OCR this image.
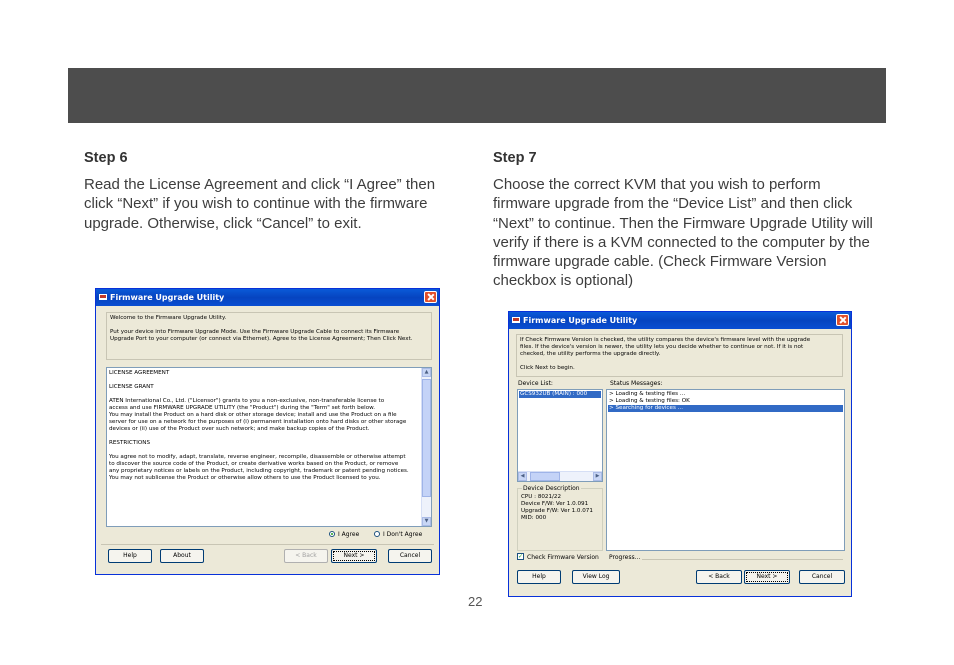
Step 6
Read the License Agreement and click “I Agree” then click “Next” if you wish to continue with the firmware upgrade. Otherwise, click “Cancel” to exit.
Step 7
Choose the correct KVM that you wish to perform firmware upgrade from the “Device List” and then click “Next” to continue. Then the Firmware Upgrade Utility will verify if there is a KVM connected to the computer by the firmware upgrade cable. (Check Firmware Version checkbox is optional)
Firmware Upgrade Utility
Welcome to the Firmware Upgrade Utility.

Put your device into Firmware Upgrade Mode. Use the Firmware Upgrade Cable to connect its Firmware
Upgrade Port to your computer (or connect via Ethernet). Agree to the License Agreement; Then Click Next.
LICENSE AGREEMENT

LICENSE GRANT

ATEN International Co., Ltd. ("Licensor") grants to you a non-exclusive, non-transferable license to
access and use FIRMWARE UPGRADE UTILITY (the "Product") during the "Term" set forth below.
You may install the Product on a hard disk or other storage device; install and use the Product on a file
server for use on a network for the purposes of (i) permanent installation onto hard disks or other storage
devices or (ii) use of the Product over such network; and make backup copies of the Product.

RESTRICTIONS

You agree not to modify, adapt, translate, reverse engineer, recompile, disassemble or otherwise attempt
to discover the source code of the Product, or create derivative works based on the Product, or remove
any proprietary notices or labels on the Product, including copyright, trademark or patent pending notices.
You may not sublicense the Product or otherwise allow others to use the Product licensed to you.
▲
▼
I Agree	I Don't Agree
Help	About	< Back	Next >	Cancel
Firmware Upgrade Utility
If Check Firmware Version is checked, the utility compares the device's firmware level with the upgrade
files. If the device's version is newer, the utility lets you decide whether to continue or not. If it is not
checked, the utility performs the upgrade directly.

Click Next to begin.
Device List:
GCS932UB (MAIN) : 000
◀	▶
Status Messages:
> Loading & testing files ...
> Loading & testing files: OK
> Searching for devices ...
Device Description
CPU : 8021/22
Device F/W: Ver 1.0.091
Upgrade F/W: Ver 1.0.071
MID: 000
✓ Check Firmware Version Progress...
Help	View Log	< Back	Next >	Cancel
22
